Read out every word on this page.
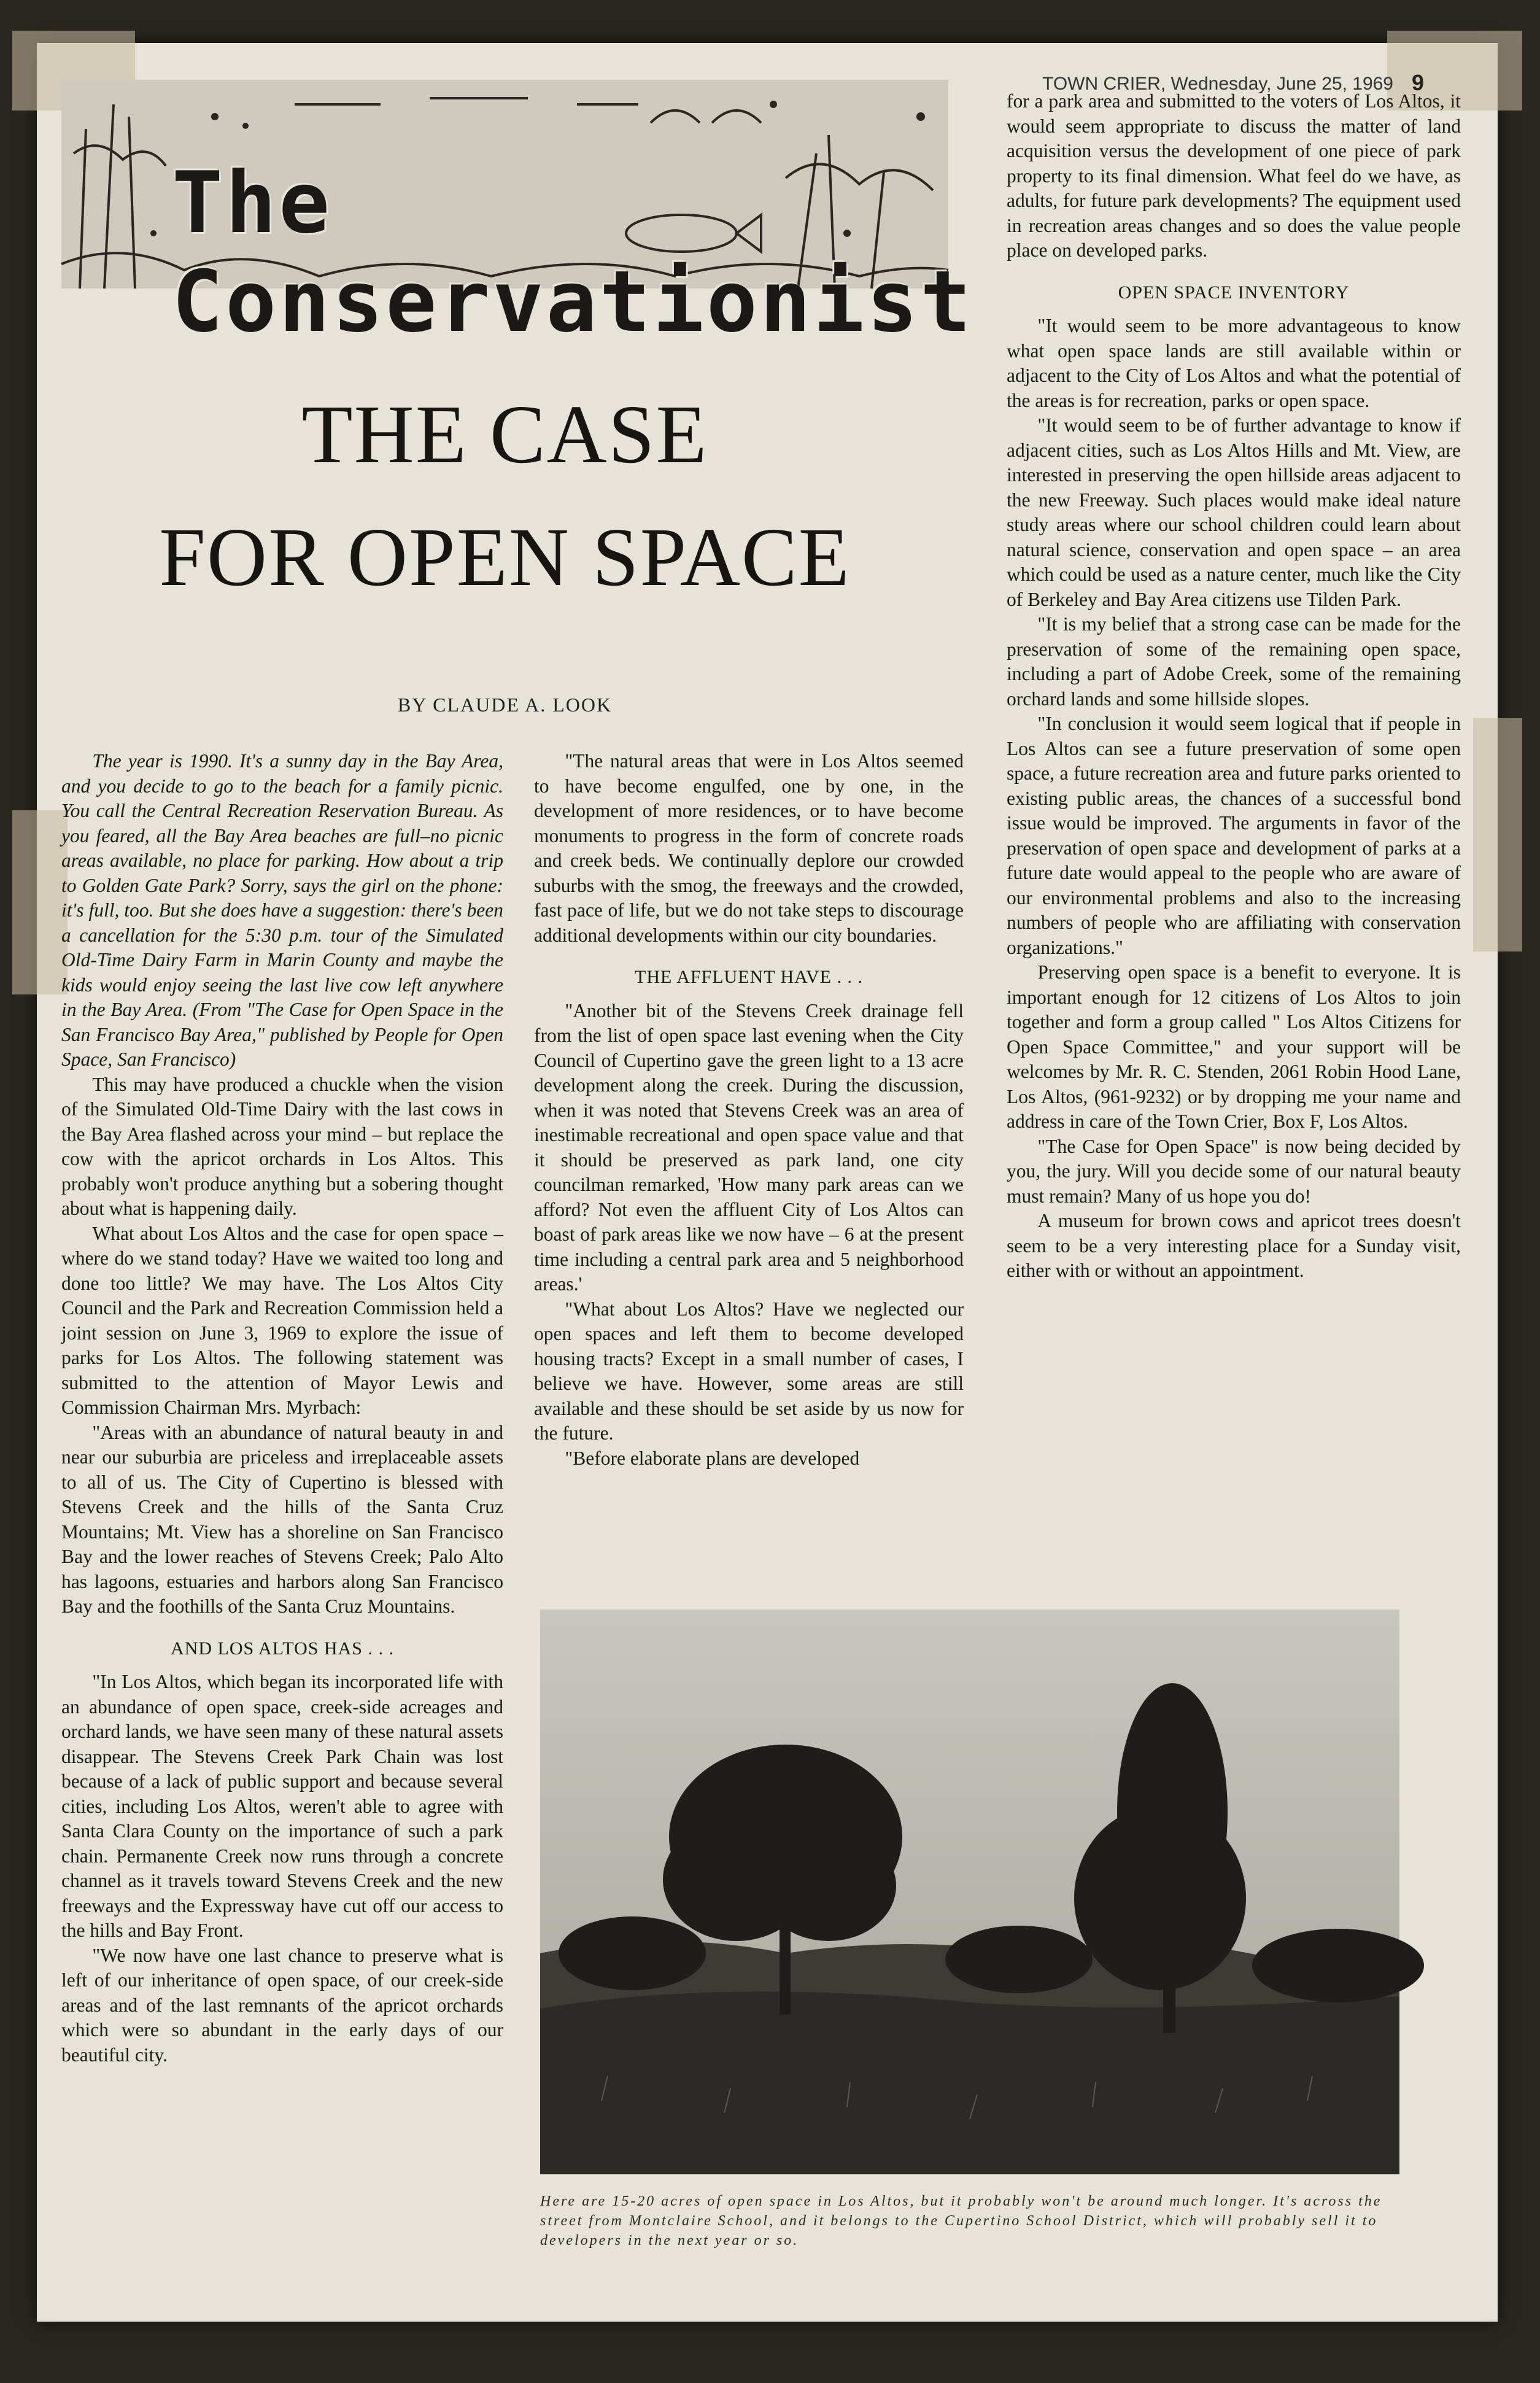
TOWN CRIER, Wednesday, June 25, 1969 9
The Conservationist
THE CASE
FOR OPEN SPACE
BY CLAUDE A. LOOK

The year is 1990. It's a sunny day in the Bay Area, and you decide to go to the beach for a family picnic. You call the Central Recreation Reservation Bureau. As you feared, all the Bay Area beaches are full–no picnic areas available, no place for parking. How about a trip to Golden Gate Park? Sorry, says the girl on the phone: it's full, too. But she does have a suggestion: there's been a cancellation for the 5:30 p.m. tour of the Simulated Old-Time Dairy Farm in Marin County and maybe the kids would enjoy seeing the last live cow left anywhere in the Bay Area. (From "The Case for Open Space in the San Francisco Bay Area," published by People for Open Space, San Francisco)

This may have produced a chuckle when the vision of the Simulated Old-Time Dairy with the last cows in the Bay Area flashed across your mind – but replace the cow with the apricot orchards in Los Altos. This probably won't produce anything but a sobering thought about what is happening daily.

What about Los Altos and the case for open space – where do we stand today? Have we waited too long and done too little? We may have. The Los Altos City Council and the Park and Recreation Commission held a joint session on June 3, 1969 to explore the issue of parks for Los Altos. The following statement was submitted to the attention of Mayor Lewis and Commission Chairman Mrs. Myrbach:

"Areas with an abundance of natural beauty in and near our suburbia are priceless and irreplaceable assets to all of us. The City of Cupertino is blessed with Stevens Creek and the hills of the Santa Cruz Mountains; Mt. View has a shoreline on San Francisco Bay and the lower reaches of Stevens Creek; Palo Alto has lagoons, estuaries and harbors along San Francisco Bay and the foothills of the Santa Cruz Mountains.

AND LOS ALTOS HAS . . .

"In Los Altos, which began its incorporated life with an abundance of open space, creek-side acreages and orchard lands, we have seen many of these natural assets disappear. The Stevens Creek Park Chain was lost because of a lack of public support and because several cities, including Los Altos, weren't able to agree with Santa Clara County on the importance of such a park chain. Permanente Creek now runs through a concrete channel as it travels toward Stevens Creek and the new freeways and the Expressway have cut off our access to the hills and Bay Front.

"We now have one last chance to preserve what is left of our inheritance of open space, of our creek-side areas and of the last remnants of the apricot orchards which were so abundant in the early days of our beautiful city.

"The natural areas that were in Los Altos seemed to have become engulfed, one by one, in the development of more residences, or to have become monuments to progress in the form of concrete roads and creek beds. We continually deplore our crowded suburbs with the smog, the freeways and the crowded, fast pace of life, but we do not take steps to discourage additional developments within our city boundaries.

THE AFFLUENT HAVE . . .

"Another bit of the Stevens Creek drainage fell from the list of open space last evening when the City Council of Cupertino gave the green light to a 13 acre development along the creek. During the discussion, when it was noted that Stevens Creek was an area of inestimable recreational and open space value and that it should be preserved as park land, one city councilman remarked, 'How many park areas can we afford? Not even the affluent City of Los Altos can boast of park areas like we now have – 6 at the present time including a central park area and 5 neighborhood areas.'

"What about Los Altos? Have we neglected our open spaces and left them to become developed housing tracts? Except in a small number of cases, I believe we have. However, some areas are still available and these should be set aside by us now for the future.

"Before elaborate plans are developed

for a park area and submitted to the voters of Los Altos, it would seem appropriate to discuss the matter of land acquisition versus the development of one piece of park property to its final dimension. What feel do we have, as adults, for future park developments? The equipment used in recreation areas changes and so does the value people place on developed parks.

OPEN SPACE INVENTORY

"It would seem to be more advantageous to know what open space lands are still available within or adjacent to the City of Los Altos and what the potential of the areas is for recreation, parks or open space.

"It would seem to be of further advantage to know if adjacent cities, such as Los Altos Hills and Mt. View, are interested in preserving the open hillside areas adjacent to the new Freeway. Such places would make ideal nature study areas where our school children could learn about natural science, conservation and open space – an area which could be used as a nature center, much like the City of Berkeley and Bay Area citizens use Tilden Park.

"It is my belief that a strong case can be made for the preservation of some of the remaining open space, including a part of Adobe Creek, some of the remaining orchard lands and some hillside slopes.

"In conclusion it would seem logical that if people in Los Altos can see a future preservation of some open space, a future recreation area and future parks oriented to existing public areas, the chances of a successful bond issue would be improved. The arguments in favor of the preservation of open space and development of parks at a future date would appeal to the people who are aware of our environmental problems and also to the increasing numbers of people who are affiliating with conservation organizations."

Preserving open space is a benefit to everyone. It is important enough for 12 citizens of Los Altos to join together and form a group called " Los Altos Citizens for Open Space Committee," and your support will be welcomes by Mr. R. C. Stenden, 2061 Robin Hood Lane, Los Altos, (961-9232) or by dropping me your name and address in care of the Town Crier, Box F, Los Altos.

"The Case for Open Space" is now being decided by you, the jury. Will you decide some of our natural beauty must remain? Many of us hope you do!

A museum for brown cows and apricot trees doesn't seem to be a very interesting place for a Sunday visit, either with or without an appointment.

Here are 15-20 acres of open space in Los Altos, but it probably won't be around much longer. It's across the street from Montclaire School, and it belongs to the Cupertino School District, which will probably sell it to developers in the next year or so.
